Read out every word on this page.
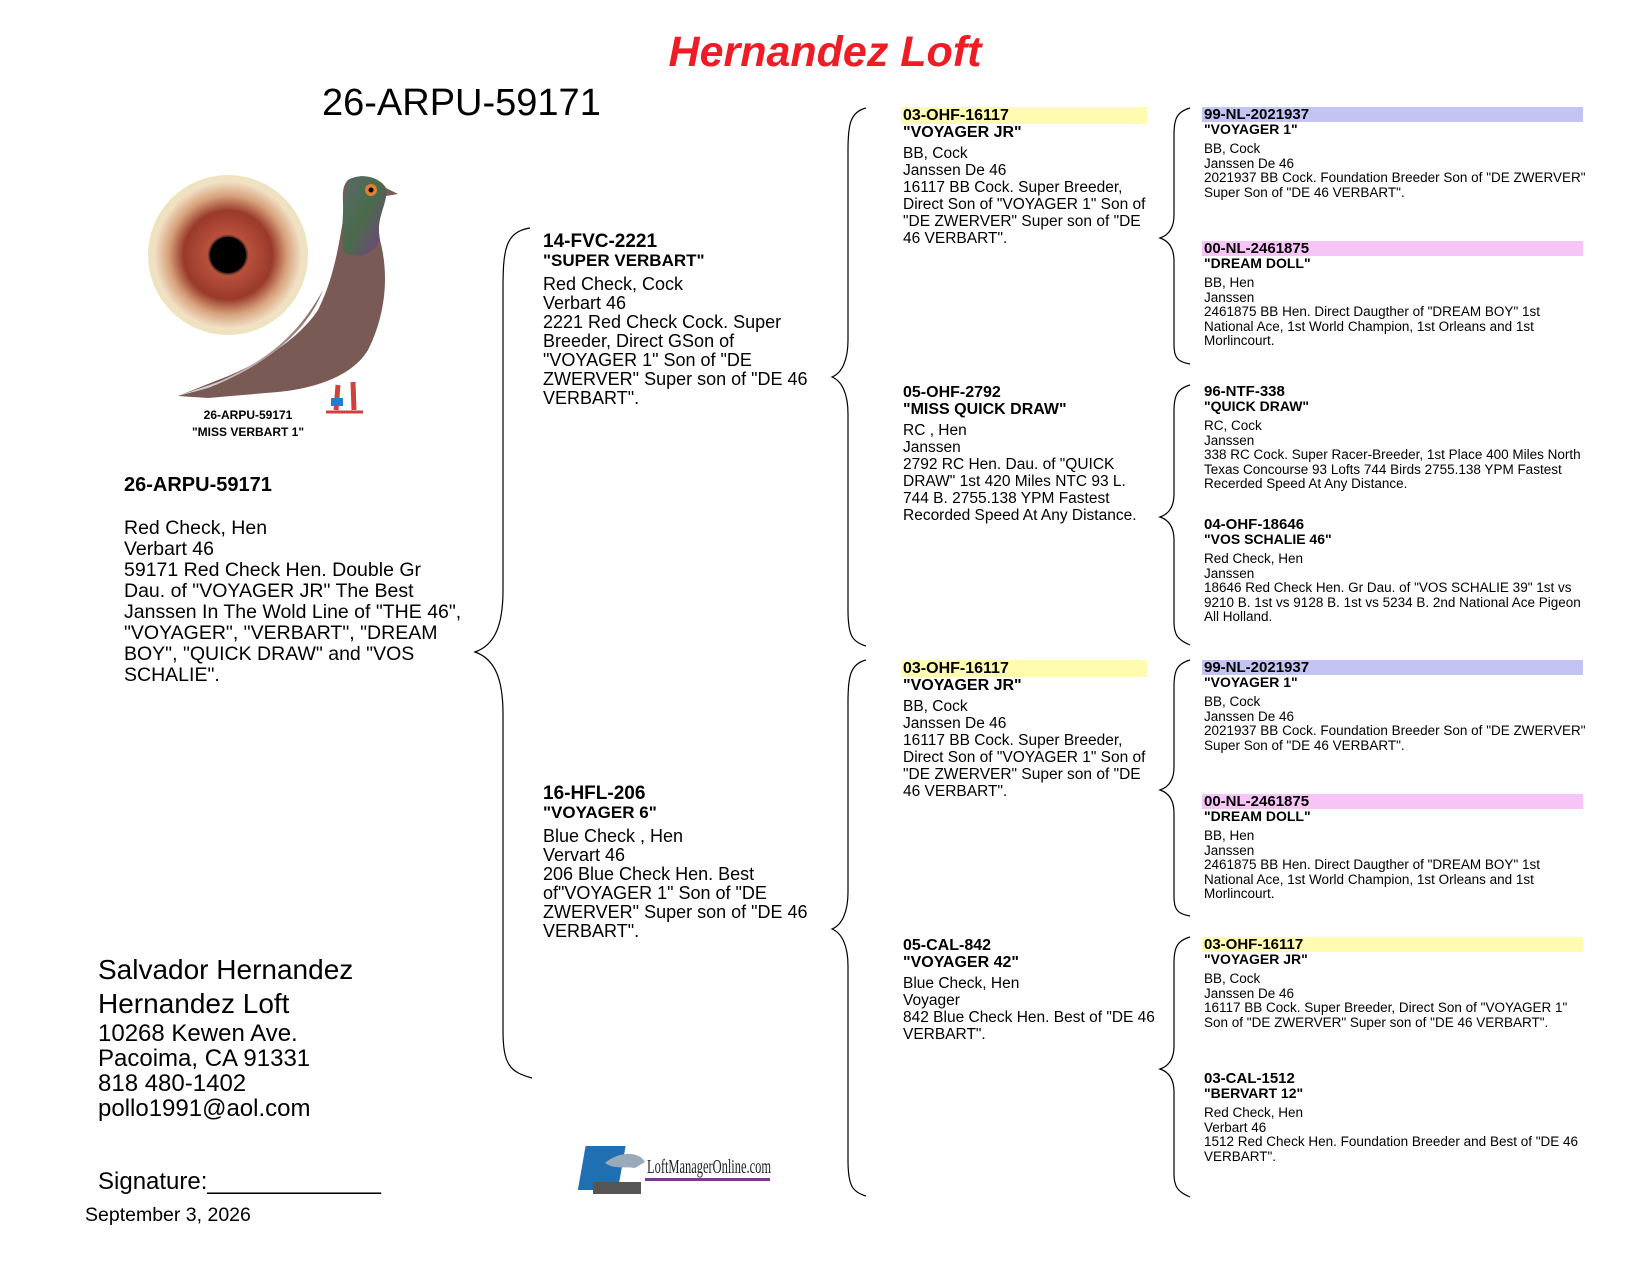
Hernandez Loft
26-ARPU-59171
26-ARPU-59171
"MISS VERBART 1"
26-ARPU-59171
Red Check, Hen
Verbart 46
59171 Red Check Hen. Double Gr Dau. of "VOYAGER JR" The Best Janssen In The Wold Line of "THE 46", "VOYAGER", "VERBART", "DREAM BOY", "QUICK DRAW" and "VOS SCHALIE".
14-FVC-2221
"SUPER VERBART"
Red Check, Cock
Verbart 46
2221 Red Check Cock. Super Breeder, Direct GSon of "VOYAGER 1" Son of "DE ZWERVER" Super son of "DE 46 VERBART".
16-HFL-206
"VOYAGER 6"
Blue Check , Hen
Vervart 46
206 Blue Check Hen. Best of"VOYAGER 1" Son of "DE ZWERVER" Super son of "DE 46 VERBART".
03-OHF-16117
"VOYAGER JR"
BB, Cock
Janssen De 46
16117 BB Cock. Super Breeder, Direct Son of "VOYAGER 1" Son of "DE ZWERVER" Super son of "DE 46 VERBART".
05-OHF-2792
"MISS QUICK DRAW"
RC , Hen
Janssen
2792 RC Hen. Dau. of "QUICK DRAW" 1st 420 Miles NTC 93 L. 744 B. 2755.138 YPM Fastest Recorded Speed At Any Distance.
03-OHF-16117
"VOYAGER JR"
BB, Cock
Janssen De 46
16117 BB Cock. Super Breeder, Direct Son of "VOYAGER 1" Son of "DE ZWERVER" Super son of "DE 46 VERBART".
05-CAL-842
"VOYAGER 42"
Blue Check, Hen
Voyager
842 Blue Check Hen. Best of "DE 46 VERBART".
99-NL-2021937
"VOYAGER 1"
BB, Cock
Janssen De 46
2021937 BB Cock. Foundation Breeder Son of "DE ZWERVER" Super Son of "DE 46 VERBART".
00-NL-2461875
"DREAM DOLL"
BB, Hen
Janssen
2461875 BB Hen. Direct Daugther of "DREAM BOY" 1st National Ace, 1st World Champion, 1st Orleans and 1st Morlincourt.
96-NTF-338
"QUICK DRAW"
RC, Cock
Janssen
338 RC Cock. Super Racer-Breeder, 1st Place 400 Miles North Texas Concourse 93 Lofts 744 Birds 2755.138 YPM Fastest Recerded Speed At Any Distance.
04-OHF-18646
"VOS SCHALIE 46"
Red Check, Hen
Janssen
18646 Red Check Hen. Gr Dau. of "VOS SCHALIE 39" 1st vs 9210 B. 1st vs 9128 B. 1st vs 5234 B. 2nd National Ace Pigeon All Holland.
99-NL-2021937
"VOYAGER 1"
BB, Cock
Janssen De 46
2021937 BB Cock. Foundation Breeder Son of "DE ZWERVER" Super Son of "DE 46 VERBART".
00-NL-2461875
"DREAM DOLL"
BB, Hen
Janssen
2461875 BB Hen. Direct Daugther of "DREAM BOY" 1st National Ace, 1st World Champion, 1st Orleans and 1st Morlincourt.
03-OHF-16117
"VOYAGER JR"
BB, Cock
Janssen De 46
16117 BB Cock. Super Breeder, Direct Son of "VOYAGER 1" Son of "DE ZWERVER" Super son of "DE 46 VERBART".
03-CAL-1512
"BERVART 12"
Red Check, Hen
Verbart 46
1512 Red Check Hen. Foundation Breeder and Best of "DE 46 VERBART".
Salvador Hernandez
Hernandez Loft
10268 Kewen Ave.
Pacoima, CA 91331
818 480-1402
pollo1991@aol.com
Signature:_____________
September 3, 2026
LoftManagerOnline.com
